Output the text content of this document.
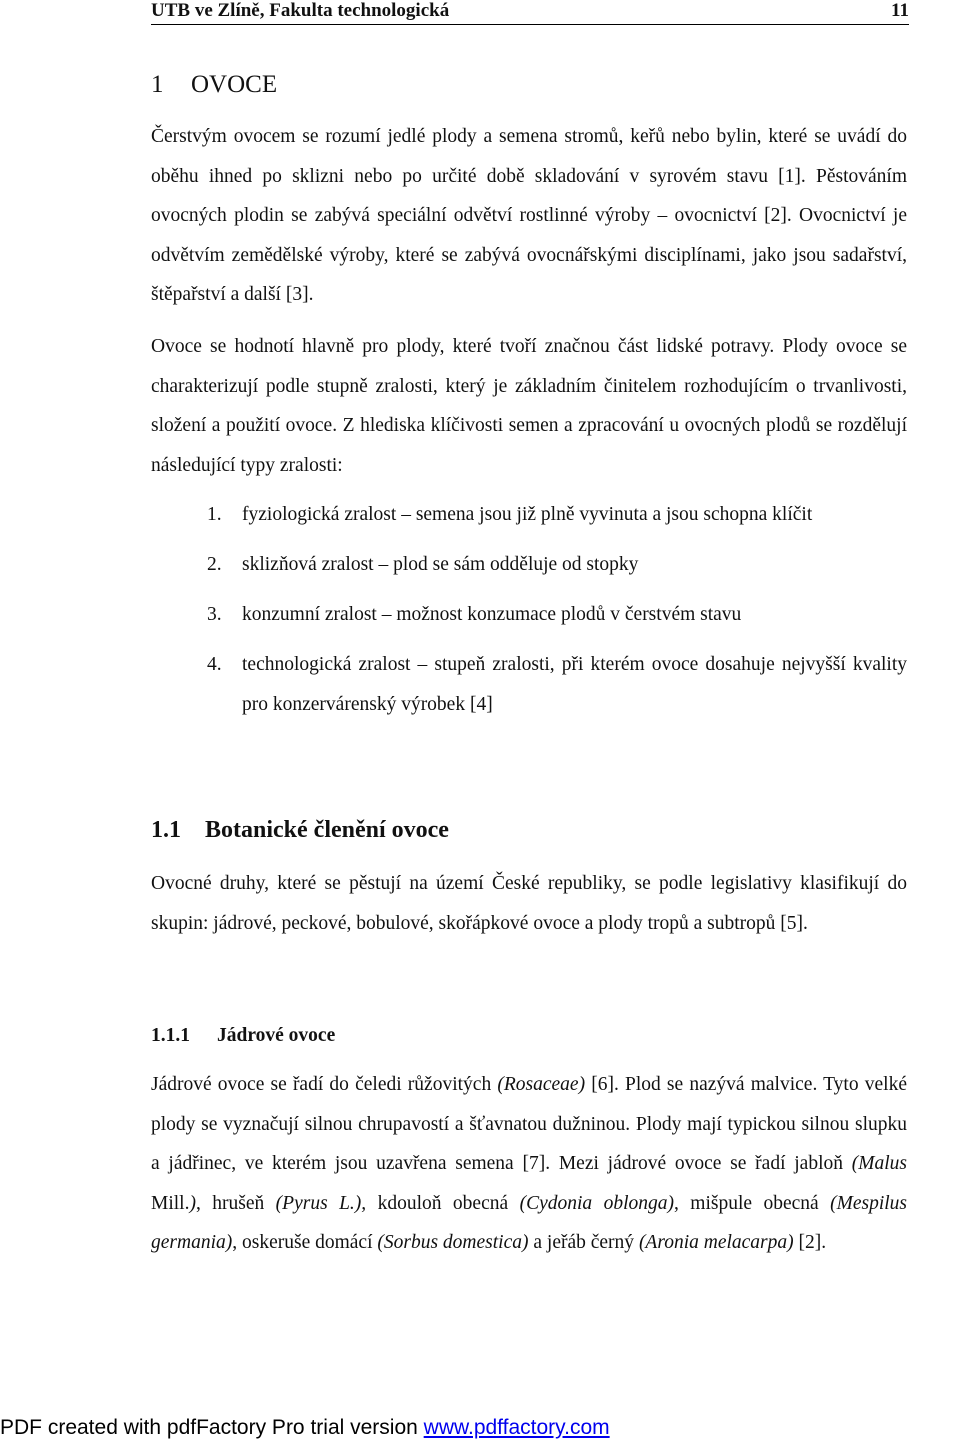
UTB ve Zlíně, Fakulta technologická	11
1 OVOCE
Čerstvým ovocem se rozumí jedlé plody a semena stromů, keřů nebo bylin, které se uvádí do oběhu ihned po sklizni nebo po určité době skladování v syrovém stavu [1]. Pěstováním ovocných plodin se zabývá speciální odvětví rostlinné výroby – ovocnictví [2]. Ovocnictví je odvětvím zemědělské výroby, které se zabývá ovocnářskými disciplínami, jako jsou sadařství, štěpařství a další [3].
Ovoce se hodnotí hlavně pro plody, které tvoří značnou část lidské potravy. Plody ovoce se charakterizují podle stupně zralosti, který je základním činitelem rozhodujícím o trvanlivosti, složení a použití ovoce. Z hlediska klíčivosti semen a zpracování u ovocných plodů se rozdělují následující typy zralosti:
1.	fyziologická zralost – semena jsou již plně vyvinuta a jsou schopna klíčit
2.	sklizňová zralost – plod se sám odděluje od stopky
3.	konzumní zralost – možnost konzumace plodů v čerstvém stavu
4.	technologická zralost – stupeň zralosti, při kterém ovoce dosahuje nejvyšší kvality pro konzervárenský výrobek [4]
1.1 Botanické členění ovoce
Ovocné druhy, které se pěstují na území České republiky, se podle legislativy klasifikují do skupin: jádrové, peckové, bobulové, skořápkové ovoce a plody tropů a subtropů [5].
1.1.1 Jádrové ovoce
Jádrové ovoce se řadí do čeledi růžovitých (Rosaceae) [6]. Plod se nazývá malvice. Tyto velké plody se vyznačují silnou chrupavostí a šťavnatou dužninou. Plody mají typickou silnou slupku a jádřinec, ve kterém jsou uzavřena semena [7]. Mezi jádrové ovoce se řadí jabloň (Malus Mill.), hrušeň (Pyrus L.), kdouloň obecná (Cydonia oblonga), mišpule obecná (Mespilus germania), oskeruše domácí (Sorbus domestica) a jeřáb černý (Aronia melacarpa) [2].
PDF created with pdfFactory Pro trial version www.pdffactory.com
